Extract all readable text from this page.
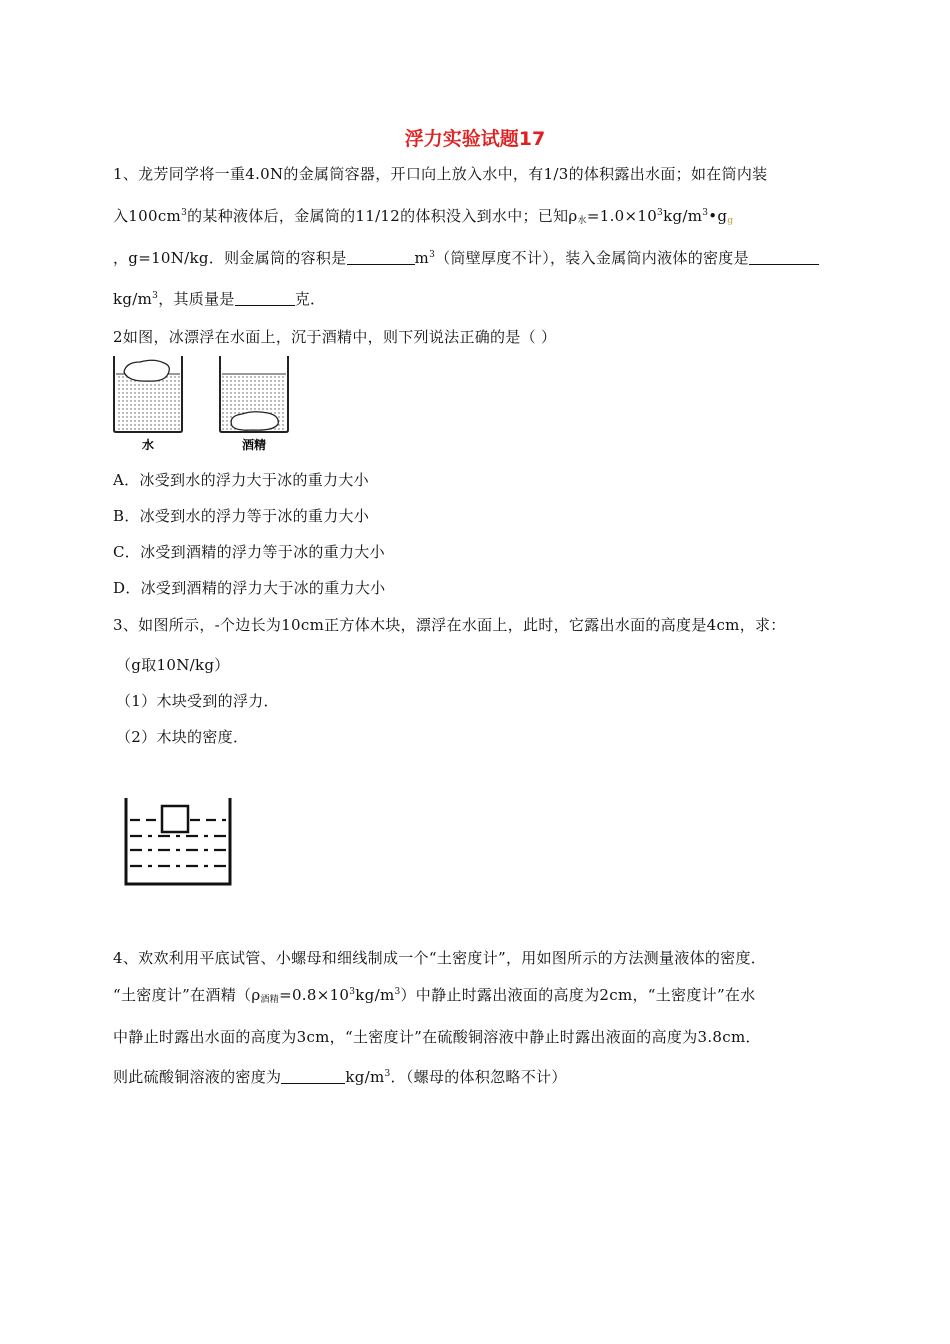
浮力实验试题17
1、龙芳同学将一重4.0N的金属筒容器，开口向上放入水中，有1/3的体积露出水面；如在筒内装
入$100cm^3$的某种液体后，金属筒的11/12的体积没入到水中；已知$\rho_水=1.0\times 10^3kg/m^3•g_g$
，g=10N/kg．则金属筒的容积是	$m^3$（筒壁厚度不计），装入金属筒内液体的密度是
$kg/m^3$，其质量是	克．
2如图，冰漂浮在水面上，沉于酒精中，则下列说法正确的是（ ）
水	酒精
A．冰受到水的浮力大于冰的重力大小
B．冰受到水的浮力等于冰的重力大小
C．冰受到酒精的浮力等于冰的重力大小
D．冰受到酒精的浮力大于冰的重力大小
3、如图所示，-个边长为10cm正方体木块，漂浮在水面上，此时，它露出水面的高度是4cm，求：
（g取10N/kg）
（1）木块受到的浮力．
（2）木块的密度．
4、欢欢利用平底试管、小螺母和细线制成一个“土密度计”，用如图所示的方法测量液体的密度．
“土密度计”在酒精$(\rho_{酒精}=0.8\times 10^3kg/m^3)$中静止时露出液面的高度为2cm，“土密度计”在水
中静止时露出水面的高度为3cm，“土密度计”在硫酸铜溶液中静止时露出液面的高度为3.8cm．
则此硫酸铜溶液的密度为	$kg/m^3$．（螺母的体积忽略不计）
